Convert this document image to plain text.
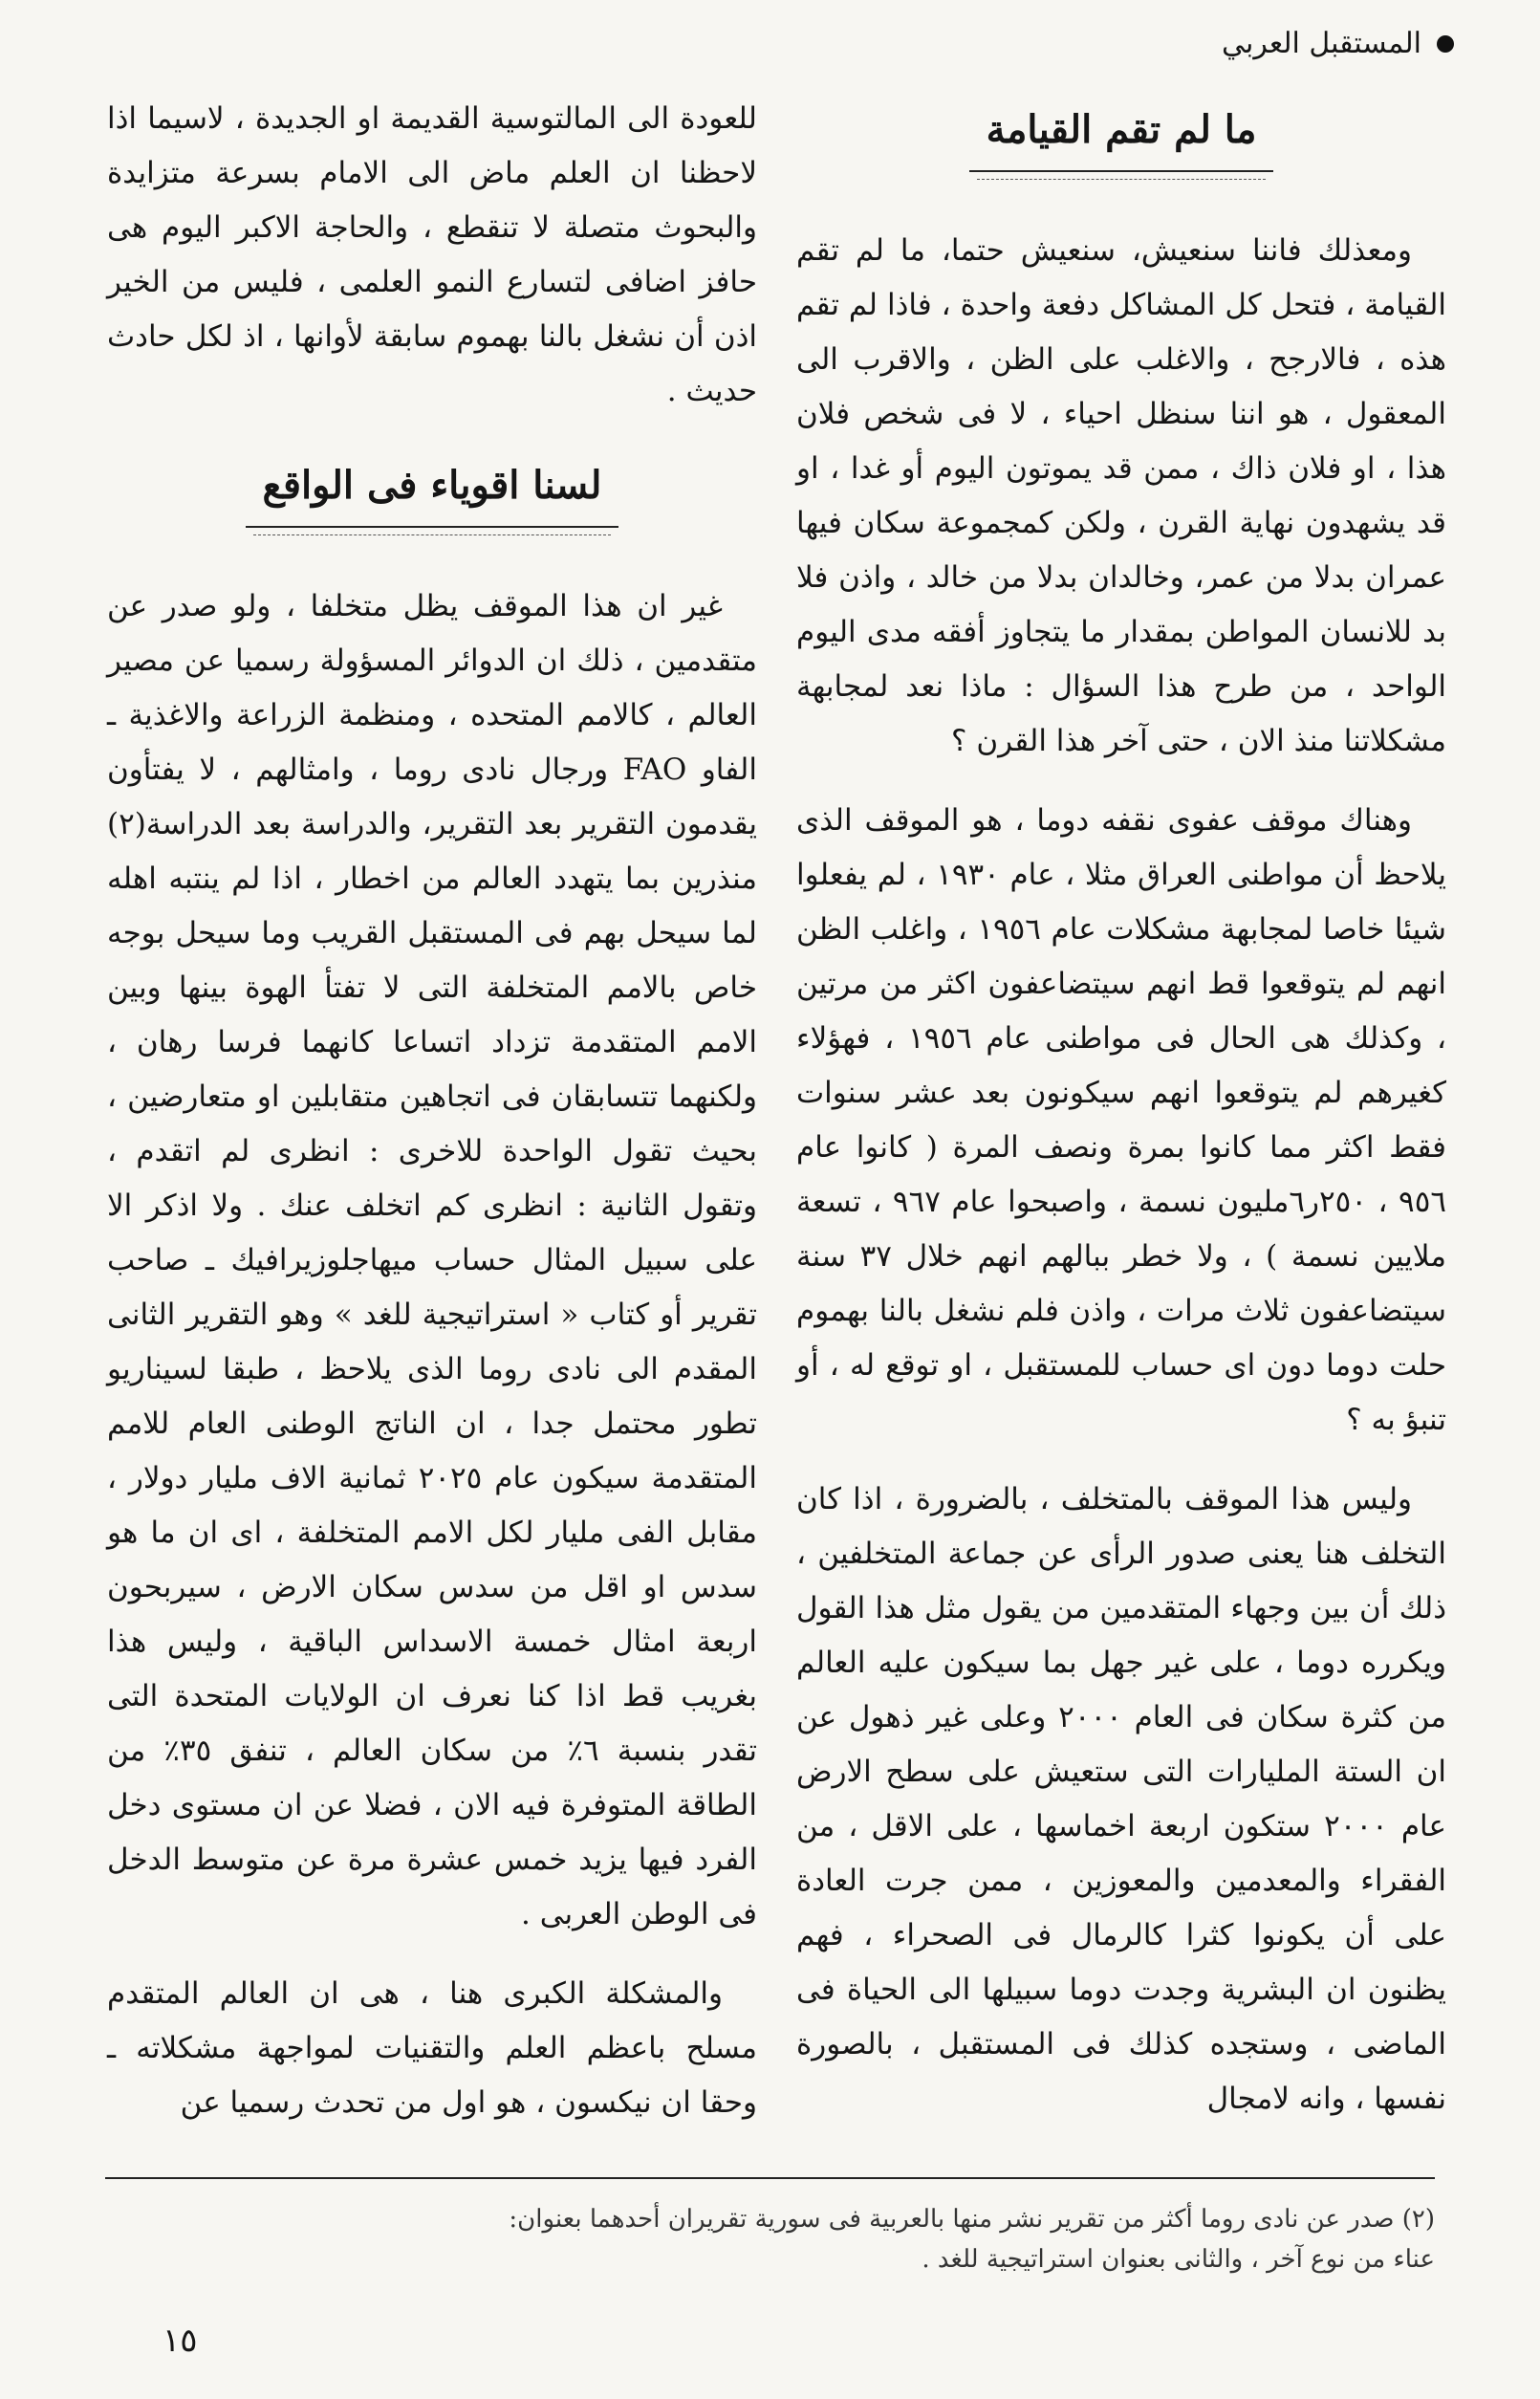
المستقبل العربي
ما لم تقم القيامة

ومعذلك فاننا سنعيش، سنعيش حتما، ما لم تقم القيامة ، فتحل كل المشاكل دفعة واحدة ، فاذا لم تقم هذه ، فالارجح ، والاغلب على الظن ، والاقرب الى المعقول ، هو اننا سنظل احياء ، لا فى شخص فلان هذا ، او فلان ذاك ، ممن قد يموتون اليوم أو غدا ، او قد يشهدون نهاية القرن ، ولكن كمجموعة سكان فيها عمران بدلا من عمر، وخالدان بدلا من خالد ، واذن فلا بد للانسان المواطن بمقدار ما يتجاوز أفقه مدى اليوم الواحد ، من طرح هذا السؤال : ماذا نعد لمجابهة مشكلاتنا منذ الان ، حتى آخر هذا القرن ؟

وهناك موقف عفوى نقفه دوما ، هو الموقف الذى يلاحظ أن مواطنى العراق مثلا ، عام ١٩٣٠ ، لم يفعلوا شيئا خاصا لمجابهة مشكلات عام ١٩٥٦ ، واغلب الظن انهم لم يتوقعوا قط انهم سيتضاعفون اكثر من مرتين ، وكذلك هى الحال فى مواطنى عام ١٩٥٦ ، فهؤلاء كغيرهم لم يتوقعوا انهم سيكونون بعد عشر سنوات فقط اكثر مما كانوا بمرة ونصف المرة ( كانوا عام ٩٥٦ ، ٢٥٠ر٦مليون نسمة ، واصبحوا عام ٩٦٧ ، تسعة ملايين نسمة ) ، ولا خطر ببالهم انهم خلال ٣٧ سنة سيتضاعفون ثلاث مرات ، واذن فلم نشغل بالنا بهموم حلت دوما دون اى حساب للمستقبل ، او توقع له ، أو تنبؤ به ؟

وليس هذا الموقف بالمتخلف ، بالضرورة ، اذا كان التخلف هنا يعنى صدور الرأى عن جماعة المتخلفين ، ذلك أن بين وجهاء المتقدمين من يقول مثل هذا القول ويكرره دوما ، على غير جهل بما سيكون عليه العالم من كثرة سكان فى العام ٢٠٠٠ وعلى غير ذهول عن ان الستة المليارات التى ستعيش على سطح الارض عام ٢٠٠٠ ستكون اربعة اخماسها ، على الاقل ، من الفقراء والمعدمين والمعوزين ، ممن جرت العادة على أن يكونوا كثرا كالرمال فى الصحراء ، فهم يظنون ان البشرية وجدت دوما سبيلها الى الحياة فى الماضى ، وستجده كذلك فى المستقبل ، بالصورة نفسها ، وانه لامجال

للعودة الى المالتوسية القديمة او الجديدة ، لاسيما اذا لاحظنا ان العلم ماض الى الامام بسرعة متزايدة والبحوث متصلة لا تنقطع ، والحاجة الاكبر اليوم هى حافز اضافى لتسارع النمو العلمى ، فليس من الخير اذن أن نشغل بالنا بهموم سابقة لأوانها ، اذ لكل حادث حديث .

لسنا اقوياء فى الواقع

غير ان هذا الموقف يظل متخلفا ، ولو صدر عن متقدمين ، ذلك ان الدوائر المسؤولة رسميا عن مصير العالم ، كالامم المتحده ، ومنظمة الزراعة والاغذية ـ الفاو FAO ورجال نادى روما ، وامثالهم ، لا يفتأون يقدمون التقرير بعد التقرير، والدراسة بعد الدراسة(٢) منذرين بما يتهدد العالم من اخطار ، اذا لم ينتبه اهله لما سيحل بهم فى المستقبل القريب وما سيحل بوجه خاص بالامم المتخلفة التى لا تفتأ الهوة بينها وبين الامم المتقدمة تزداد اتساعا كانهما فرسا رهان ، ولكنهما تتسابقان فى اتجاهين متقابلين او متعارضين ، بحيث تقول الواحدة للاخرى : انظرى لم اتقدم ، وتقول الثانية : انظرى كم اتخلف عنك . ولا اذكر الا على سبيل المثال حساب ميهاجلوزيرافيك ـ صاحب تقرير أو كتاب « استراتيجية للغد » وهو التقرير الثانى المقدم الى نادى روما الذى يلاحظ ، طبقا لسيناريو تطور محتمل جدا ، ان الناتج الوطنى العام للامم المتقدمة سيكون عام ٢٠٢٥ ثمانية الاف مليار دولار ، مقابل الفى مليار لكل الامم المتخلفة ، اى ان ما هو سدس او اقل من سدس سكان الارض ، سيربحون اربعة امثال خمسة الاسداس الباقية ، وليس هذا بغريب قط اذا كنا نعرف ان الولايات المتحدة التى تقدر بنسبة ٦٪ من سكان العالم ، تنفق ٣٥٪ من الطاقة المتوفرة فيه الان ، فضلا عن ان مستوى دخل الفرد فيها يزيد خمس عشرة مرة عن متوسط الدخل فى الوطن العربى .

والمشكلة الكبرى هنا ، هى ان العالم المتقدم مسلح باعظم العلم والتقنيات لمواجهة مشكلاته ـ وحقا ان نيكسون ، هو اول من تحدث رسميا عن

(٢) صدر عن نادى روما أكثر من تقرير نشر منها بالعربية فى سورية تقريران أحدهما بعنوان:

عناء من نوع آخر ، والثانى بعنوان استراتيجية للغد .

١٥
